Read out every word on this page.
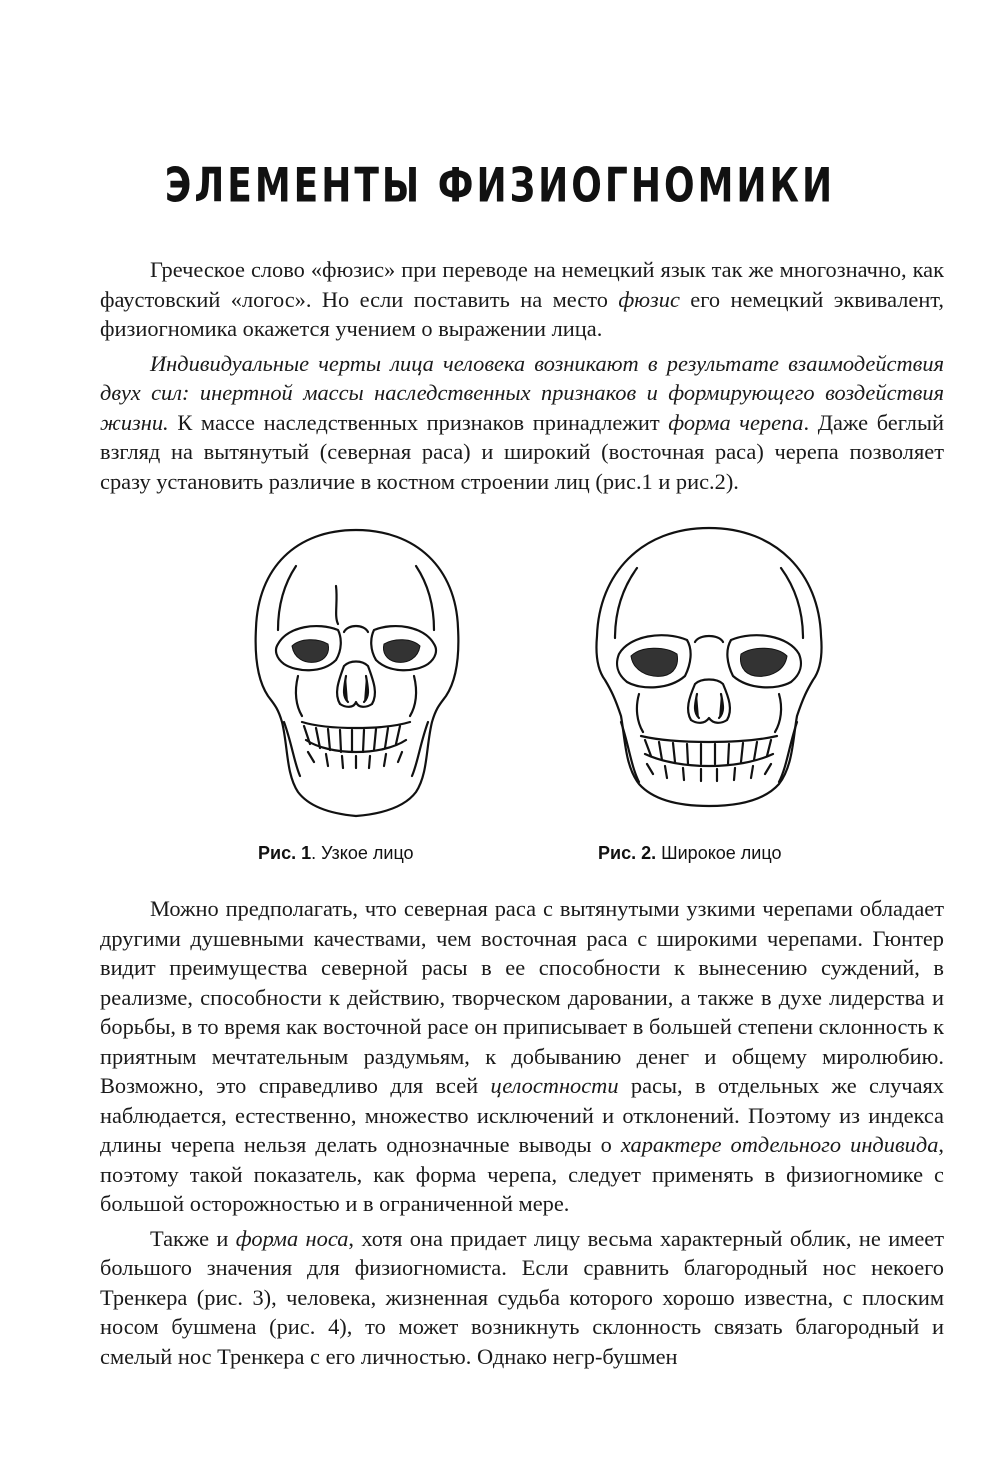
ЭЛЕМЕНТЫ ФИЗИОГНОМИКИ

Греческое слово «фюзис» при переводе на немецкий язык так же многозначно, как фаустовский «логос». Но если поставить на место фюзис его немецкий эквивалент, физиогномика окажется учением о выражении лица.

Индивидуальные черты лица человека возникают в результате взаимодействия двух сил: инертной массы наследственных признаков и формирующего воздействия жизни. К массе наследственных признаков принадлежит форма черепа. Даже беглый взгляд на вытянутый (северная раса) и широкий (восточная раса) черепа позволяет сразу установить различие в костном строении лиц (рис.1 и рис.2).

Рис. 1. Узкое лицо	Рис. 2. Широкое лицо

Можно предполагать, что северная раса с вытянутыми узкими черепами обладает другими душевными качествами, чем восточная раса с широкими черепами. Гюнтер видит преимущества северной расы в ее способности к вынесению суждений, в реализме, способности к действию, творческом даровании, а также в духе лидерства и борьбы, в то время как восточной расе он приписывает в большей степени склонность к приятным мечтательным раздумьям, к добыванию денег и общему миролюбию. Возможно, это справедливо для всей целостности расы, в отдельных же случаях наблюдается, естественно, множество исключений и отклонений. Поэтому из индекса длины черепа нельзя делать однозначные выводы о характере отдельного индивида, поэтому такой показатель, как форма черепа, следует применять в физиогномике с большой осторожностью и в ограниченной мере.

Также и форма носа, хотя она придает лицу весьма характерный облик, не имеет большого значения для физиогномиста. Если сравнить благородный нос некоего Тренкера (рис. 3), человека, жизненная судьба которого хорошо известна, с плоским носом бушмена (рис. 4), то может возникнуть склонность связать благородный и смелый нос Тренкера с его личностью. Однако негр-бушмен
